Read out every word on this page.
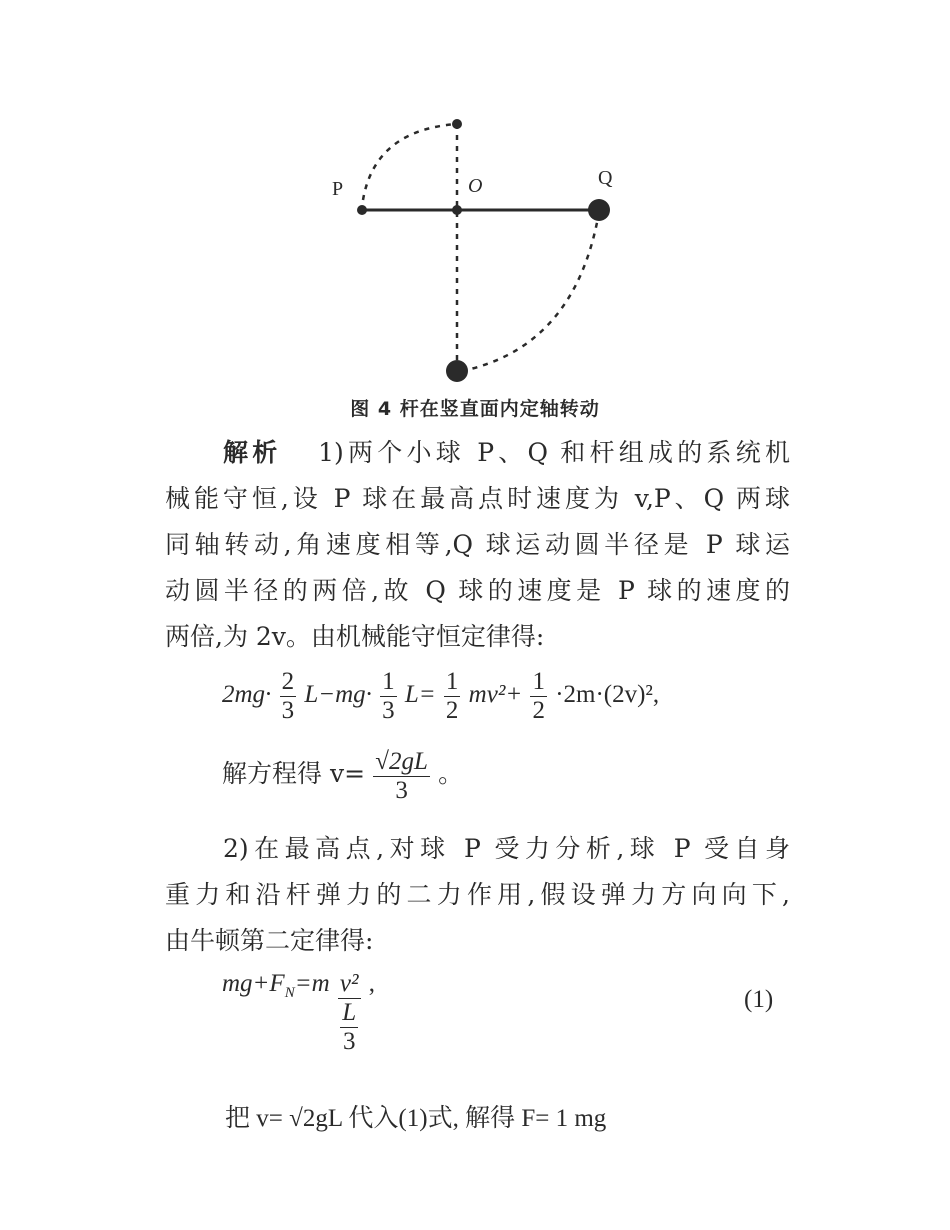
P	O	Q
图 4 杆在竖直面内定轴转动
解析 1)两个小球 P、Q 和杆组成的系统机
械能守恒,设 P 球在最高点时速度为 v,P、Q 两球
同轴转动,角速度相等,Q 球运动圆半径是 P 球运
动圆半径的两倍,故 Q 球的速度是 P 球的速度的
两倍,为 2v。由机械能守恒定律得:
$2mg\cdot \frac{2}{3} L-mg\cdot \frac{1}{3} L= \frac{1}{2} mv^2+ \frac{1}{2} \cdot 2m\cdot(2v)^2$,
解方程得 $v= \frac{√2gL}{3}$ 。
2)在最高点,对球 P 受力分析,球 P 受自身
重力和沿杆弹力的二力作用,假设弹力方向向下,
由牛顿第二定律得:
$mg+F_N=m \frac{\text{v²}}{\frac{L}{3}}$ ,
(1)
把 v= √2gL 代入(1)式, 解得 F= 1 mg
